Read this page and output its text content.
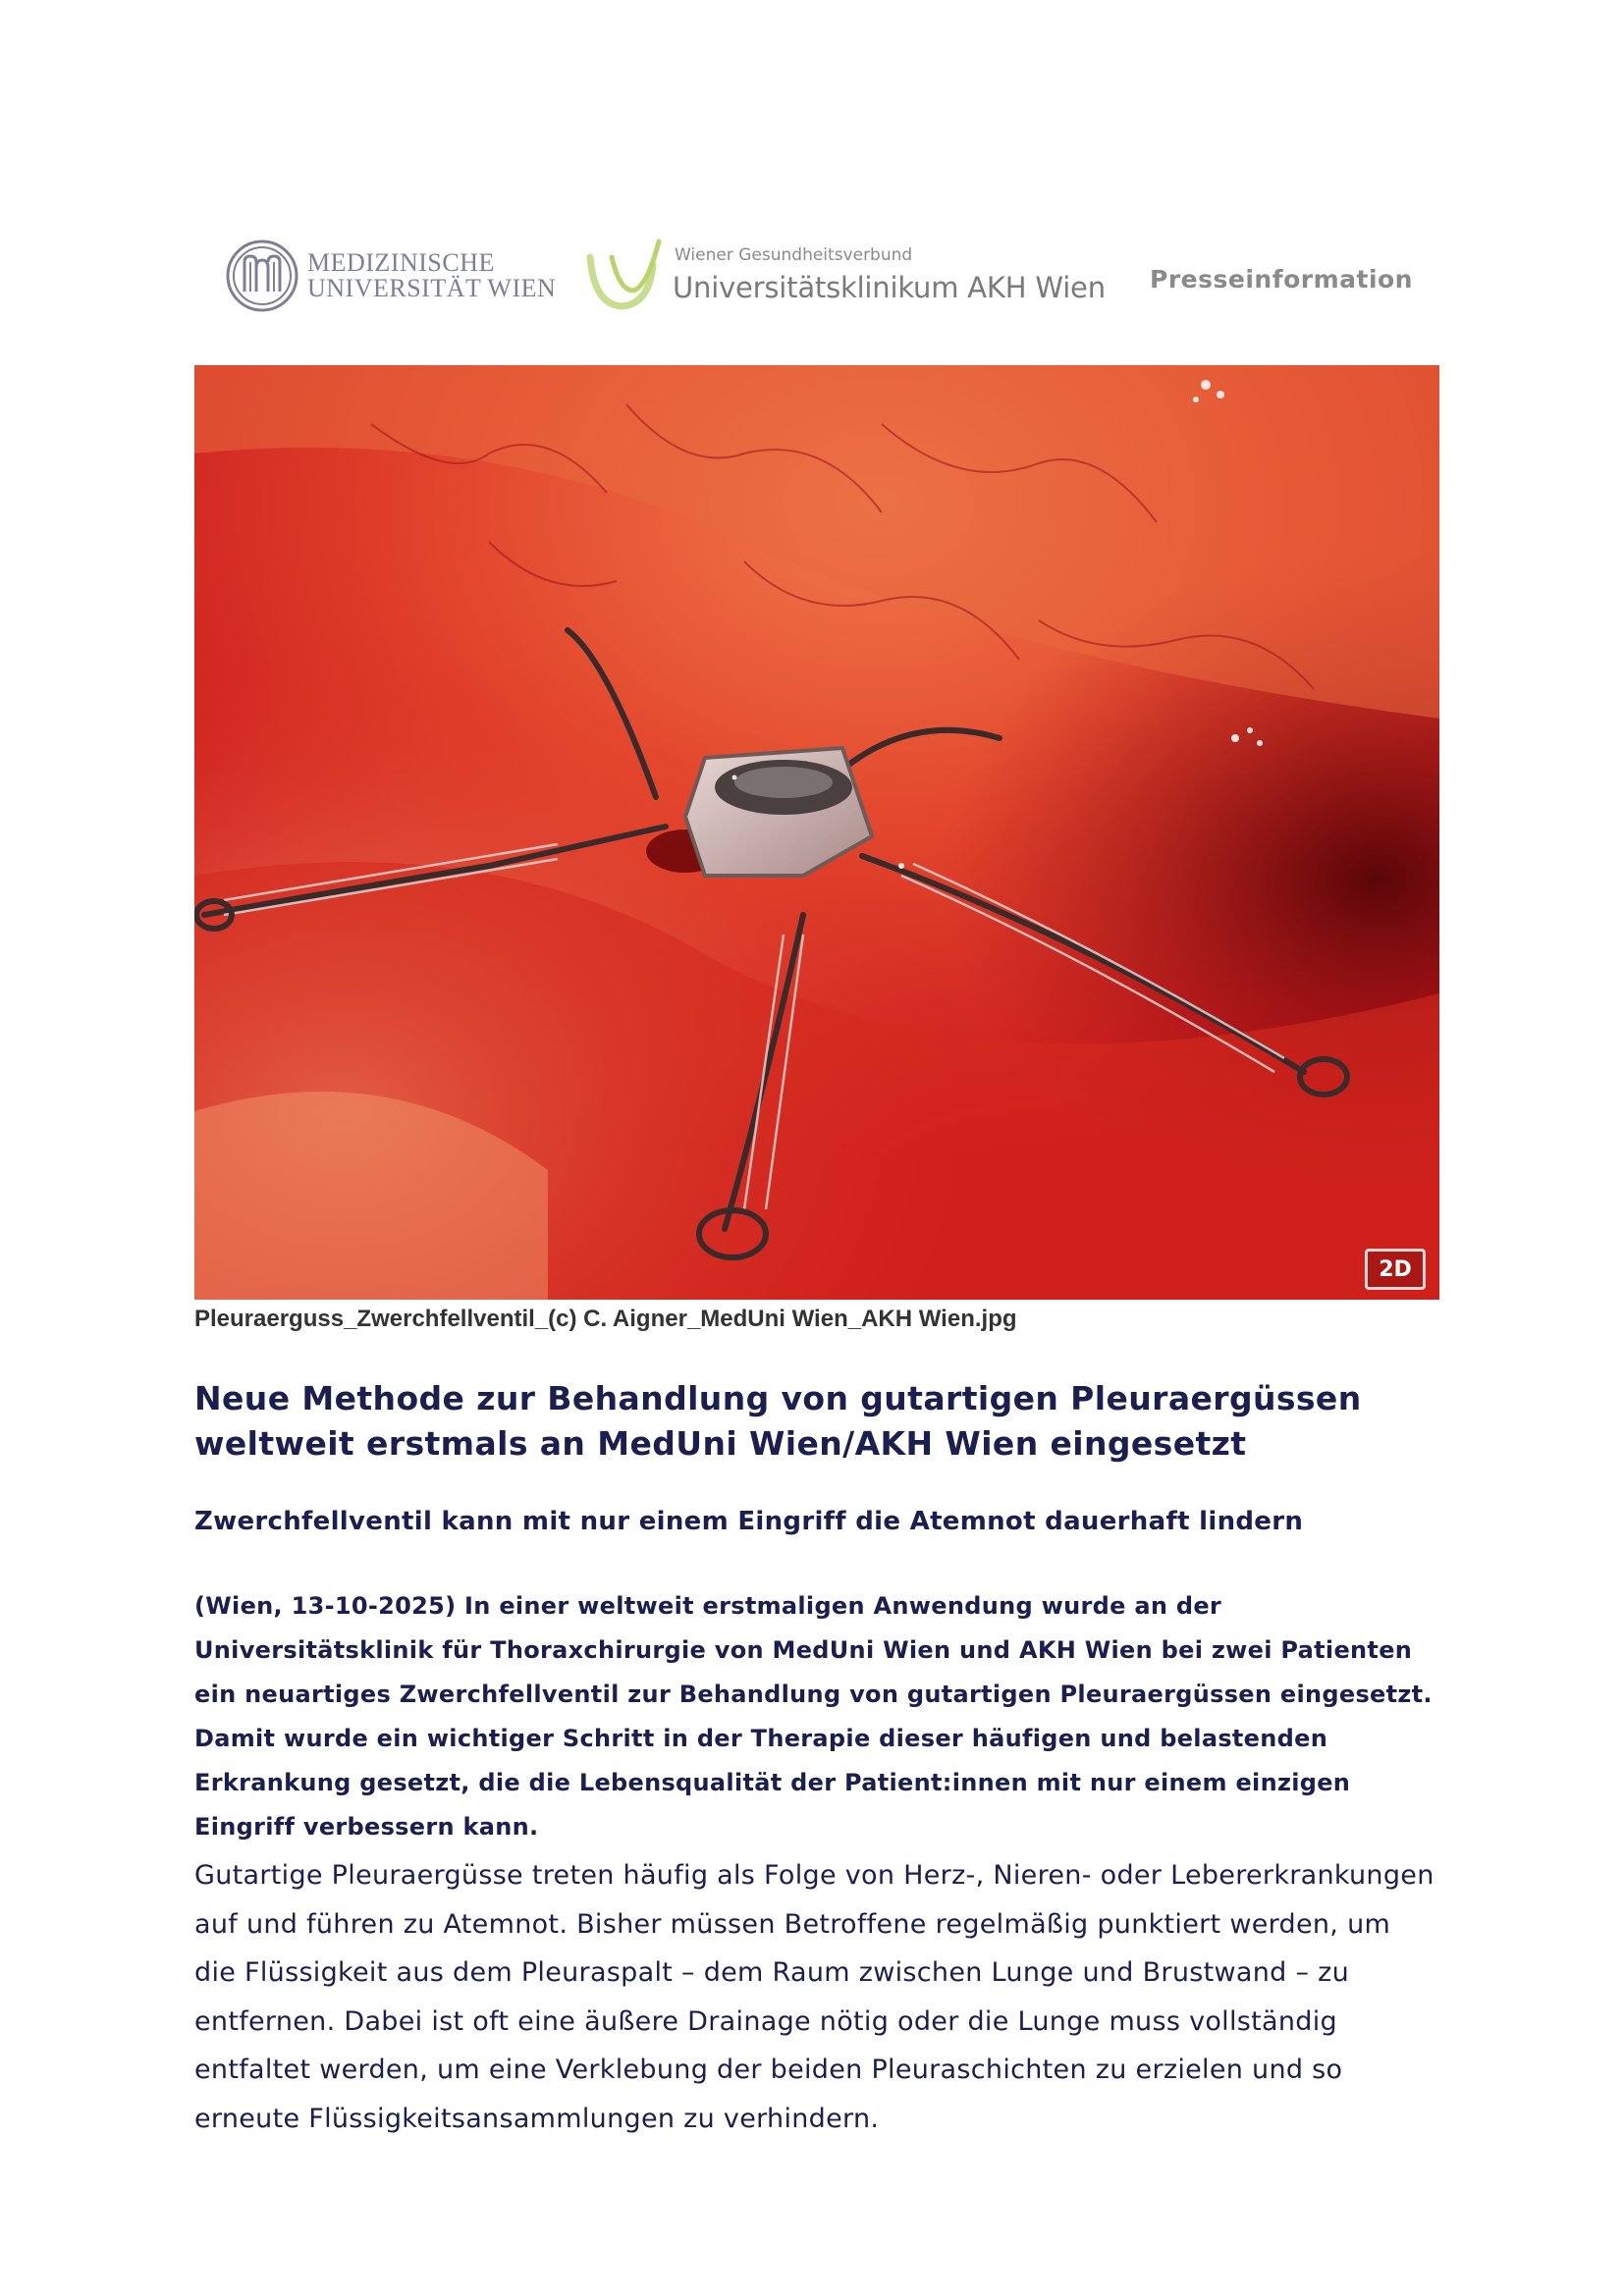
MEDIZINISCHE
UNIVERSITÄT WIEN
Wiener Gesundheitsverbund
Universitätsklinikum AKH Wien Presseinformation
2D
Pleuraerguss_Zwerchfellventil_(c) C. Aigner_MedUni Wien_AKH Wien.jpg
Neue Methode zur Behandlung von gutartigen Pleuraergüssen weltweit erstmals an MedUni Wien/AKH Wien eingesetzt
Zwerchfellventil kann mit nur einem Eingriff die Atemnot dauerhaft lindern

(Wien, 13-10-2025) In einer weltweit erstmaligen Anwendung wurde an der Universitätsklinik für Thoraxchirurgie von MedUni Wien und AKH Wien bei zwei Patienten ein neuartiges Zwerchfellventil zur Behandlung von gutartigen Pleuraergüssen eingesetzt. Damit wurde ein wichtiger Schritt in der Therapie dieser häufigen und belastenden Erkrankung gesetzt, die die Lebensqualität der Patient:innen mit nur einem einzigen Eingriff verbessern kann.

Gutartige Pleuraergüsse treten häufig als Folge von Herz-, Nieren- oder Lebererkrankungen auf und führen zu Atemnot. Bisher müssen Betroffene regelmäßig punktiert werden, um die Flüssigkeit aus dem Pleuraspalt – dem Raum zwischen Lunge und Brustwand – zu entfernen. Dabei ist oft eine äußere Drainage nötig oder die Lunge muss vollständig entfaltet werden, um eine Verklebung der beiden Pleuraschichten zu erzielen und so erneute Flüssigkeitsansammlungen zu verhindern.
